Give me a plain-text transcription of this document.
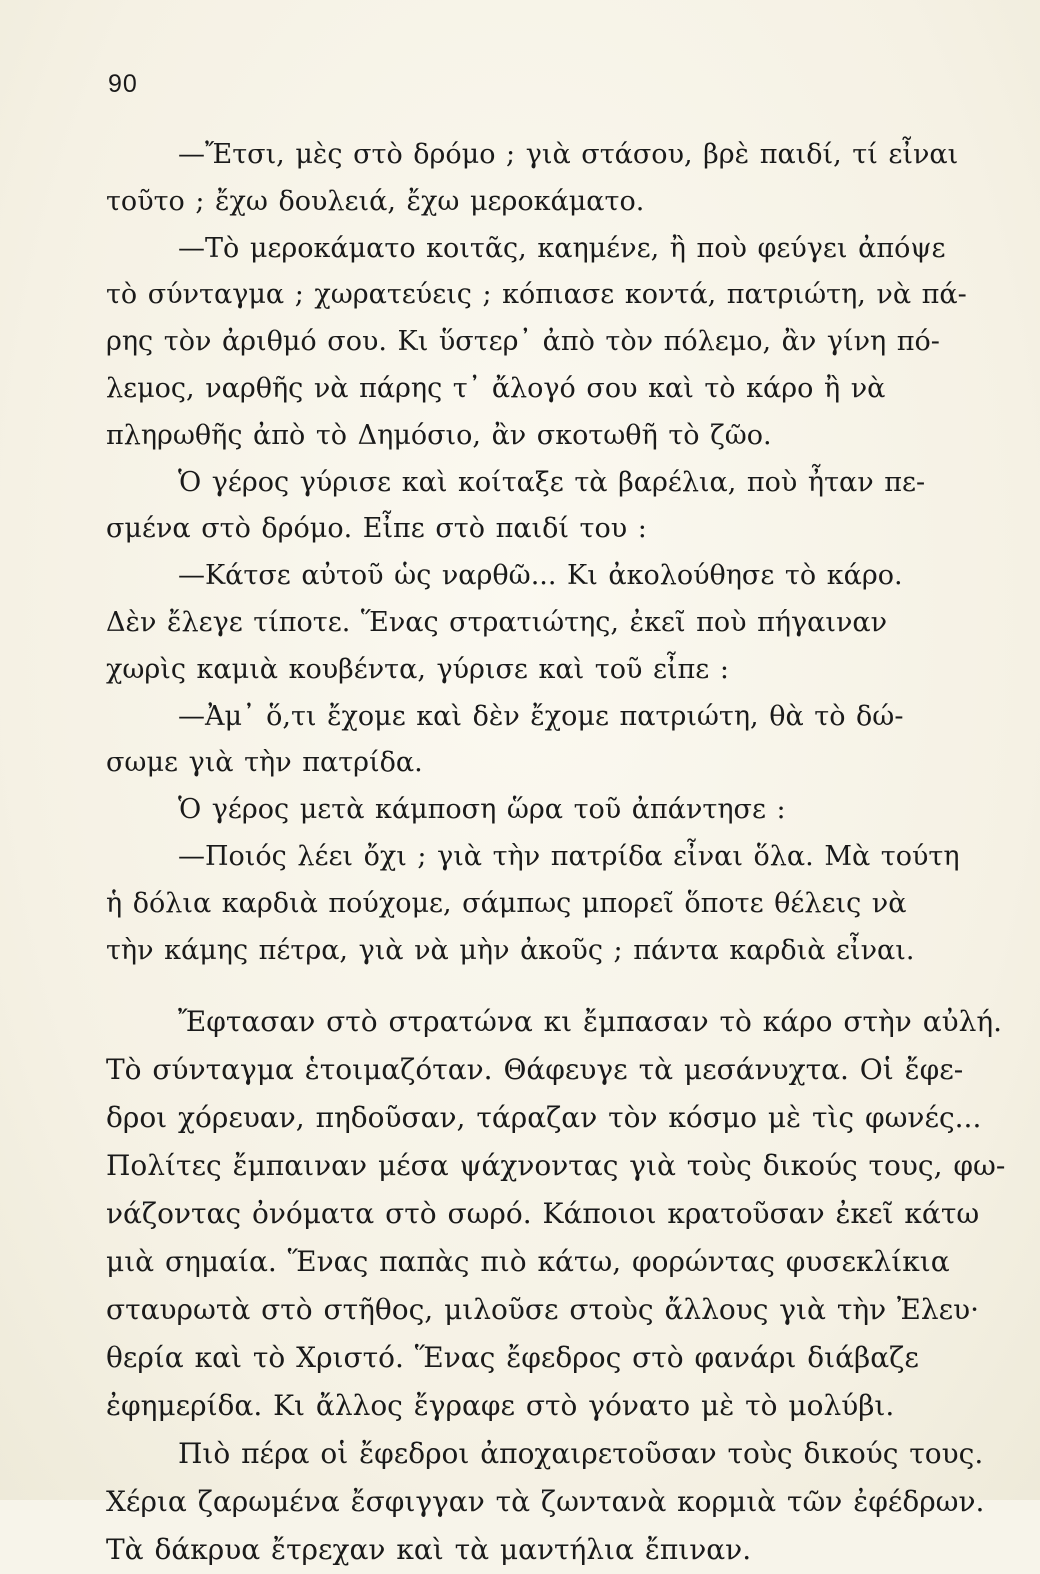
90
—Ἔτσι, μὲς στὸ δρόμο ; γιὰ στάσου, βρὲ παιδί, τί εἶναι
τοῦτο ; ἔχω δουλειά, ἔχω μεροκάματο.
—Τὸ μεροκάματο κοιτᾶς, καημένε, ἢ ποὺ φεύγει ἀπόψε
τὸ σύνταγμα ; χωρατεύεις ; κόπιασε κοντά, πατριώτη, νὰ πά-
ρης τὸν ἀριθμό σου. Κι ὕστερ᾽ ἀπὸ τὸν πόλεμο, ἂν γίνη πό-
λεμος, ναρθῆς νὰ πάρης τ᾽ ἄλογό σου καὶ τὸ κάρο ἢ νὰ
πληρωθῆς ἀπὸ τὸ Δημόσιο, ἂν σκοτωθῆ τὸ ζῶο.
Ὁ γέρος γύρισε καὶ κοίταξε τὰ βαρέλια, ποὺ ἦταν πε-
σμένα στὸ δρόμο. Εἶπε στὸ παιδί του :
—Κάτσε αὐτοῦ ὡς ναρθῶ... Κι ἀκολούθησε τὸ κάρο.
Δὲν ἔλεγε τίποτε. Ἕνας στρατιώτης, ἐκεῖ ποὺ πήγαιναν
χωρὶς καμιὰ κουβέντα, γύρισε καὶ τοῦ εἶπε :
—Ἀμ᾽ ὅ,τι ἔχομε καὶ δὲν ἔχομε πατριώτη, θὰ τὸ δώ-
σωμε γιὰ τὴν πατρίδα.
Ὁ γέρος μετὰ κάμποση ὥρα τοῦ ἀπάντησε :
—Ποιός λέει ὄχι ; γιὰ τὴν πατρίδα εἶναι ὅλα. Μὰ τούτη
ἡ δόλια καρδιὰ πούχομε, σάμπως μπορεῖ ὅποτε θέλεις νὰ
τὴν κάμης πέτρα, γιὰ νὰ μὴν ἀκοῦς ; πάντα καρδιὰ εἶναι.
Ἔφτασαν στὸ στρατώνα κι ἔμπασαν τὸ κάρο στὴν αὐλή.
Τὸ σύνταγμα ἑτοιμαζόταν. Θάφευγε τὰ μεσάνυχτα. Οἱ ἔφε-
δροι χόρευαν, πηδοῦσαν, τάραζαν τὸν κόσμο μὲ τὶς φωνές...
Πολίτες ἔμπαιναν μέσα ψάχνοντας γιὰ τοὺς δικούς τους, φω-
νάζοντας ὀνόματα στὸ σωρό. Κάποιοι κρατοῦσαν ἐκεῖ κάτω
μιὰ σημαία. Ἕνας παπὰς πιὸ κάτω, φορώντας φυσεκλίκια
σταυρωτὰ στὸ στῆθος, μιλοῦσε στοὺς ἄλλους γιὰ τὴν Ἐλευ·
θερία καὶ τὸ Χριστό. Ἕνας ἔφεδρος στὸ φανάρι διάβαζε
ἐφημερίδα. Κι ἄλλος ἔγραφε στὸ γόνατο μὲ τὸ μολύβι.
Πιὸ πέρα οἱ ἔφεδροι ἀποχαιρετοῦσαν τοὺς δικούς τους.
Χέρια ζαρωμένα ἔσφιγγαν τὰ ζωντανὰ κορμιὰ τῶν ἐφέδρων.
Τὰ δάκρυα ἔτρεχαν καὶ τὰ μαντήλια ἔπιναν.
